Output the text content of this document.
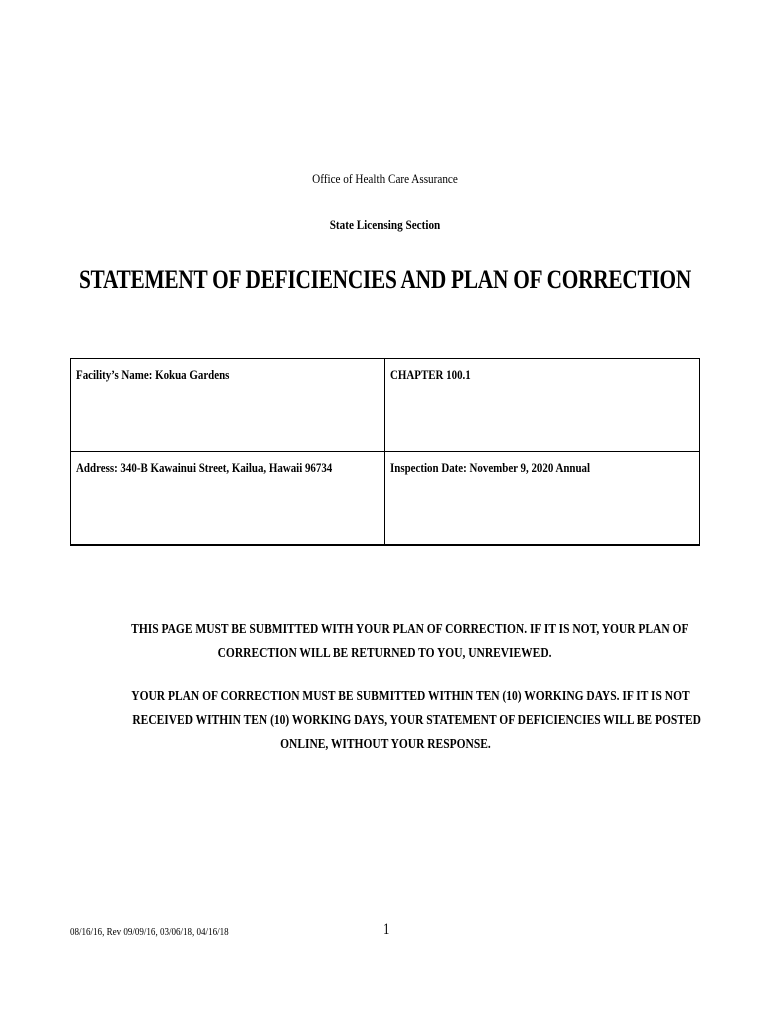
Office of Health Care Assurance
State Licensing Section
STATEMENT OF DEFICIENCIES AND PLAN OF CORRECTION
Facility’s Name: Kokua Gardens	CHAPTER 100.1
Address: 340-B Kawainui Street, Kailua, Hawaii 96734	Inspection Date: November 9, 2020 Annual
THIS PAGE MUST BE SUBMITTED WITH YOUR PLAN OF CORRECTION. IF IT IS NOT, YOUR PLAN OF
CORRECTION WILL BE RETURNED TO YOU, UNREVIEWED.
YOUR PLAN OF CORRECTION MUST BE SUBMITTED WITHIN TEN (10) WORKING DAYS. IF IT IS NOT
RECEIVED WITHIN TEN (10) WORKING DAYS, YOUR STATEMENT OF DEFICIENCIES WILL BE POSTED
ONLINE, WITHOUT YOUR RESPONSE.
08/16/16, Rev 09/09/16, 03/06/18, 04/16/18	1
